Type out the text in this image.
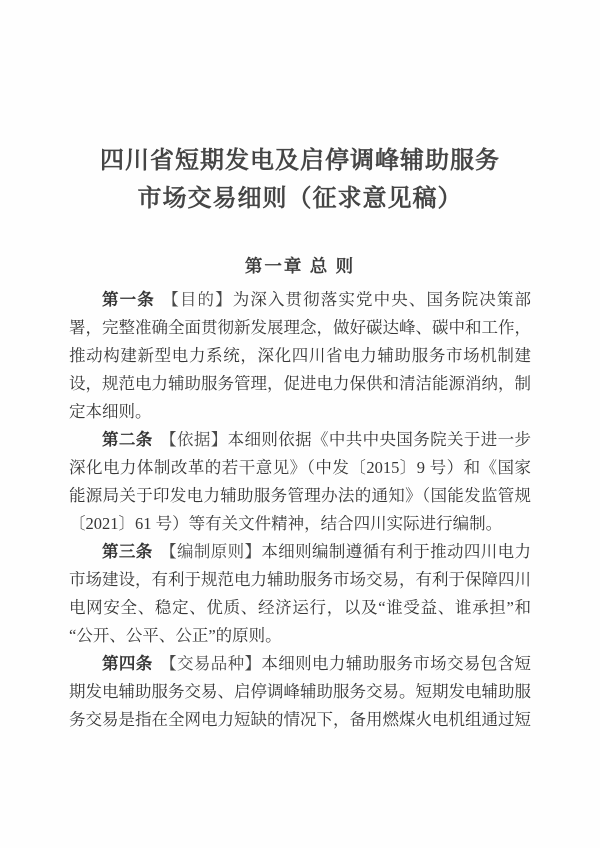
四川省短期发电及启停调峰辅助服务
市场交易细则（征求意见稿）
第一章 总 则

第一条 【目的】为深入贯彻落实党中央、国务院决策部署，完整准确全面贯彻新发展理念，做好碳达峰、碳中和工作，推动构建新型电力系统，深化四川省电力辅助服务市场机制建设，规范电力辅助服务管理，促进电力保供和清洁能源消纳，制定本细则。

第二条 【依据】本细则依据《中共中央国务院关于进一步深化电力体制改革的若干意见》（中发〔2015〕9 号）和《国家能源局关于印发电力辅助服务管理办法的通知》（国能发监管规〔2021〕61 号）等有关文件精神，结合四川实际进行编制。

第三条 【编制原则】本细则编制遵循有利于推动四川电力市场建设，有利于规范电力辅助服务市场交易，有利于保障四川电网安全、稳定、优质、经济运行，以及“谁受益、谁承担”和“公开、公平、公正”的原则。

第四条 【交易品种】本细则电力辅助服务市场交易包含短期发电辅助服务交易、启停调峰辅助服务交易。短期发电辅助服务交易是指在全网电力短缺的情况下，备用燃煤火电机组通过短
